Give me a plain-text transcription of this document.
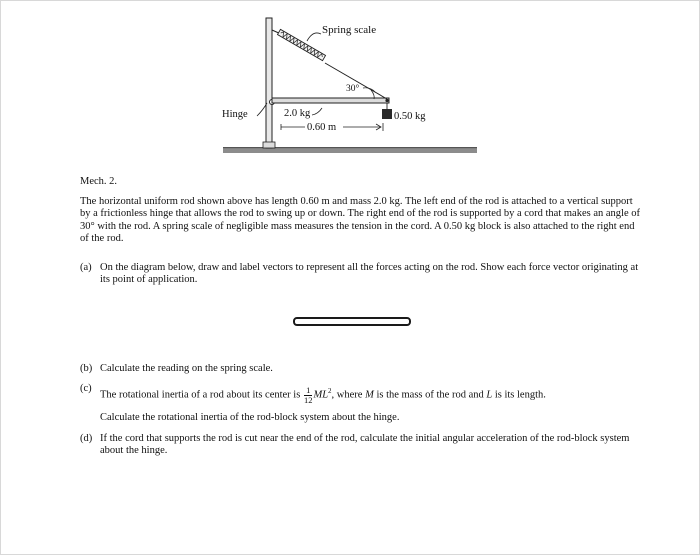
Spring scale
30°
Hinge	2.0 kg	0.50 kg
0.60 m
Mech. 2.
The horizontal uniform rod shown above has length 0.60 m and mass 2.0 kg. The left end of the rod is attached to a vertical support by a frictionless hinge that allows the rod to swing up or down. The right end of the rod is supported by a cord that makes an angle of 30° with the rod. A spring scale of negligible mass measures the tension in the cord. A 0.50 kg block is also attached to the right end of the rod.
(a) On the diagram below, draw and label vectors to represent all the forces acting on the rod. Show each force vector originating at its point of application.
(b) Calculate the reading on the spring scale.
(c)
The rotational inertia of a rod about its center is $\frac{1}{12} ML^2$, where M is the mass of the rod and L is its length.
Calculate the rotational inertia of the rod-block system about the hinge.
(d) If the cord that supports the rod is cut near the end of the rod, calculate the initial angular acceleration of the rod-block system about the hinge.
